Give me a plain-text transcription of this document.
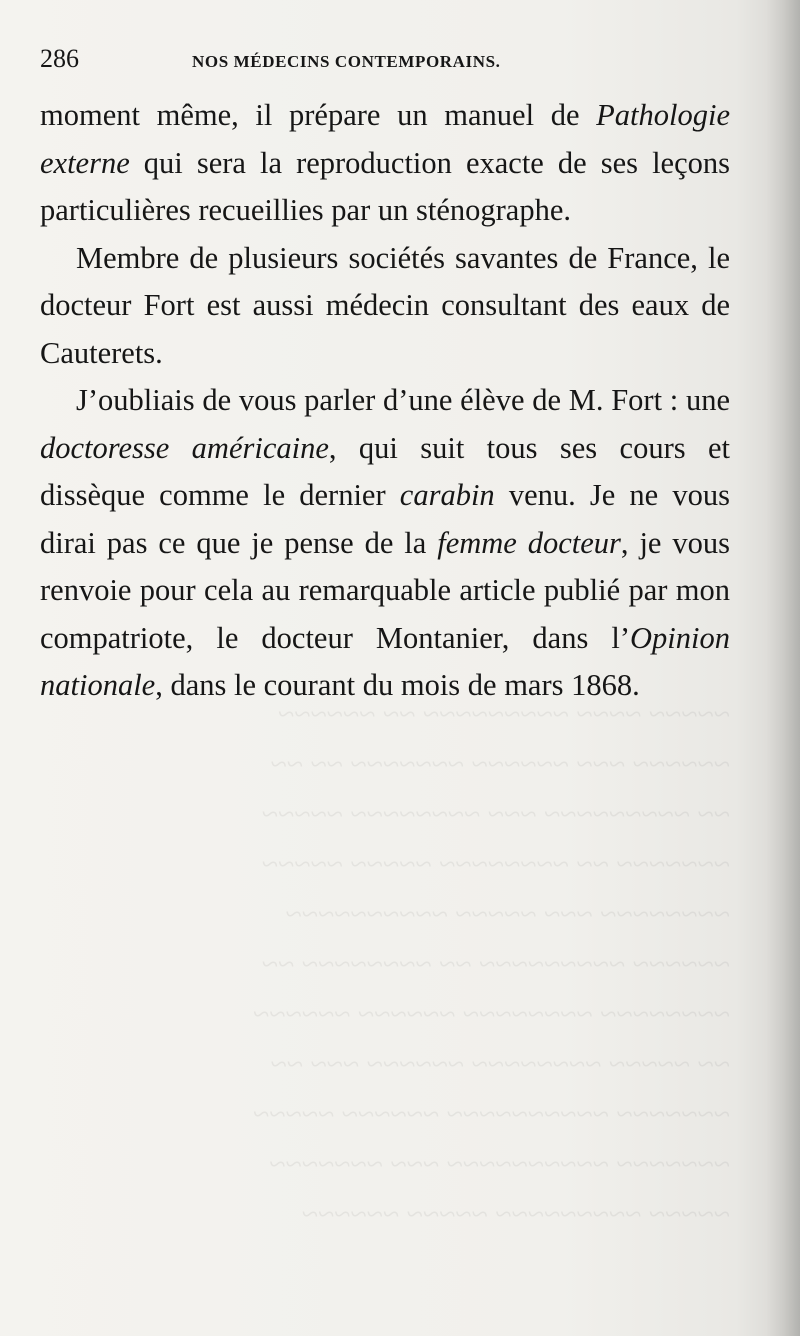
~~~~~ ~~~~ ~~~~~~~~~ ~~ ~~~~~~
~~~~~~ ~~~ ~~~~~~ ~~~~~~~ ~~ ~~
~~ ~~~~~~~~~ ~~~ ~~~~~~~~ ~~~~~
~~~~~~~ ~~ ~~~~~~~~ ~~~~~ ~~~~~
~~~~~~~~ ~~~ ~~~~~ ~~~~~~~~~~
~~~~~~ ~~~~~~~~~ ~~ ~~~~~~~~ ~~
~~~~~~~~ ~~~~~~~~ ~~~~~~ ~~~~~~
~~ ~~~~~ ~~~~~~~~ ~~~~~~ ~~~ ~~
~~~~~~~ ~~~~~~~~~~ ~~~~~~ ~~~~~
~~~~~~~ ~~~~~~~~~~ ~~~ ~~~~~~~
~~~~~ ~~~~~~~~~ ~~~~~ ~~~~~~
286	NOS MÉDECINS CONTEMPORAINS.

moment même, il prépare un manuel de Pathologie externe qui sera la reproduction exacte de ses leçons particulières recueillies par un sténographe.

Membre de plusieurs sociétés savantes de France, le docteur Fort est aussi médecin consultant des eaux de Cauterets.

J’oubliais de vous parler d’une élève de M. Fort : une doctoresse américaine, qui suit tous ses cours et dissèque comme le dernier carabin venu. Je ne vous dirai pas ce que je pense de la femme docteur, je vous renvoie pour cela au remarquable article publié par mon compatriote, le docteur Montanier, dans l’Opinion nationale, dans le courant du mois de mars 1868.
